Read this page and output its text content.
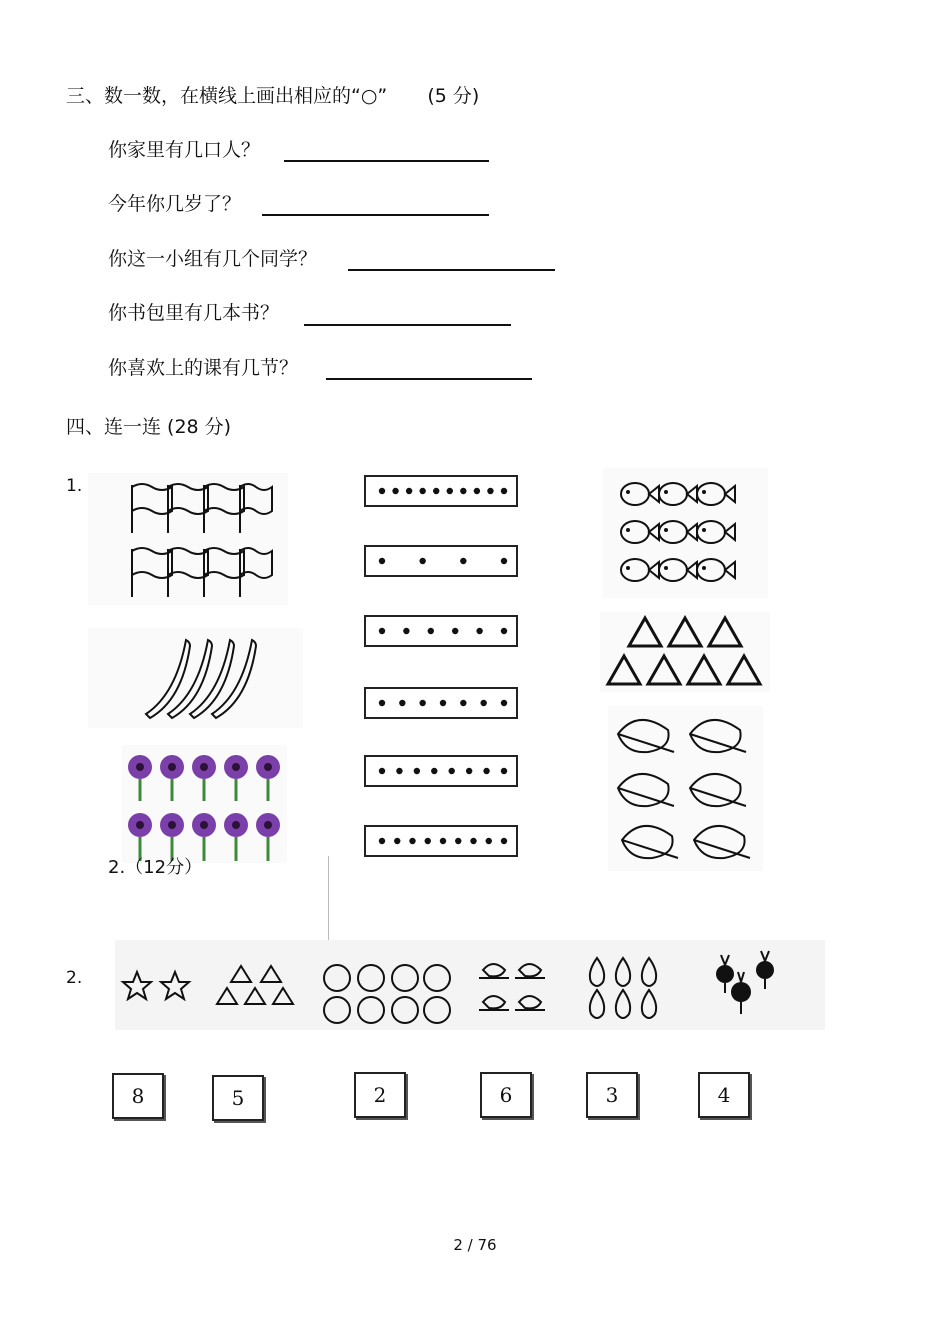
三、数一数，在横线上画出相应的“○” (5 分)
你家里有几口人？
今年你几岁了？
你这一小组有几个同学？
你书包里有几本书？
你喜欢上的课有几节？
四、连一连 (28 分)
1.
2.（12分）
2.
8	5	2	6	3	4
2 / 76
